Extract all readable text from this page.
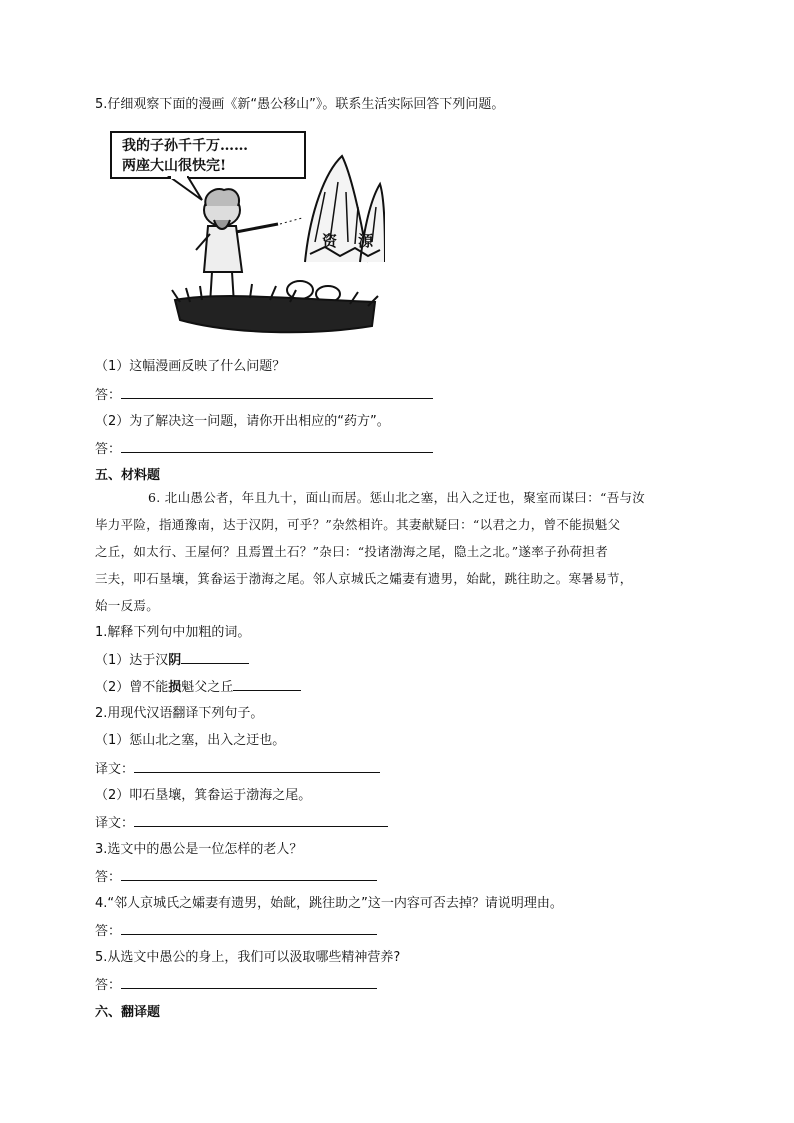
5.仔细观察下面的漫画《新“愚公移山”》。联系生活实际回答下列问题。
我的子孙千千万……
两座大山很快完!
资 源
（1）这幅漫画反映了什么问题？
答：
（2）为了解决这一问题，请你开出相应的“药方”。
答：
五、材料题
6. 北山愚公者，年且九十，面山而居。惩山北之塞，出入之迂也，聚室而谋曰：“吾与汝
毕力平险，指通豫南，达于汉阴，可乎？”杂然相许。其妻献疑曰：“以君之力，曾不能损魁父
之丘，如太行、王屋何？且焉置土石？”杂曰：“投诸渤海之尾，隐土之北。”遂率子孙荷担者
三夫，叩石垦壤，箕畚运于渤海之尾。邻人京城氏之孀妻有遗男，始龀，跳往助之。寒暑易节，
始一反焉。
1.解释下列句中加粗的词。
（1）达于汉阴
（2）曾不能损魁父之丘
2.用现代汉语翻译下列句子。
（1）惩山北之塞，出入之迂也。
译文：
（2）叩石垦壤，箕畚运于渤海之尾。
译文：
3.选文中的愚公是一位怎样的老人？
答：
4.“邻人京城氏之孀妻有遗男，始龀，跳往助之”这一内容可否去掉？请说明理由。
答：
5.从选文中愚公的身上，我们可以汲取哪些精神营养?
答：
六、翻译题
